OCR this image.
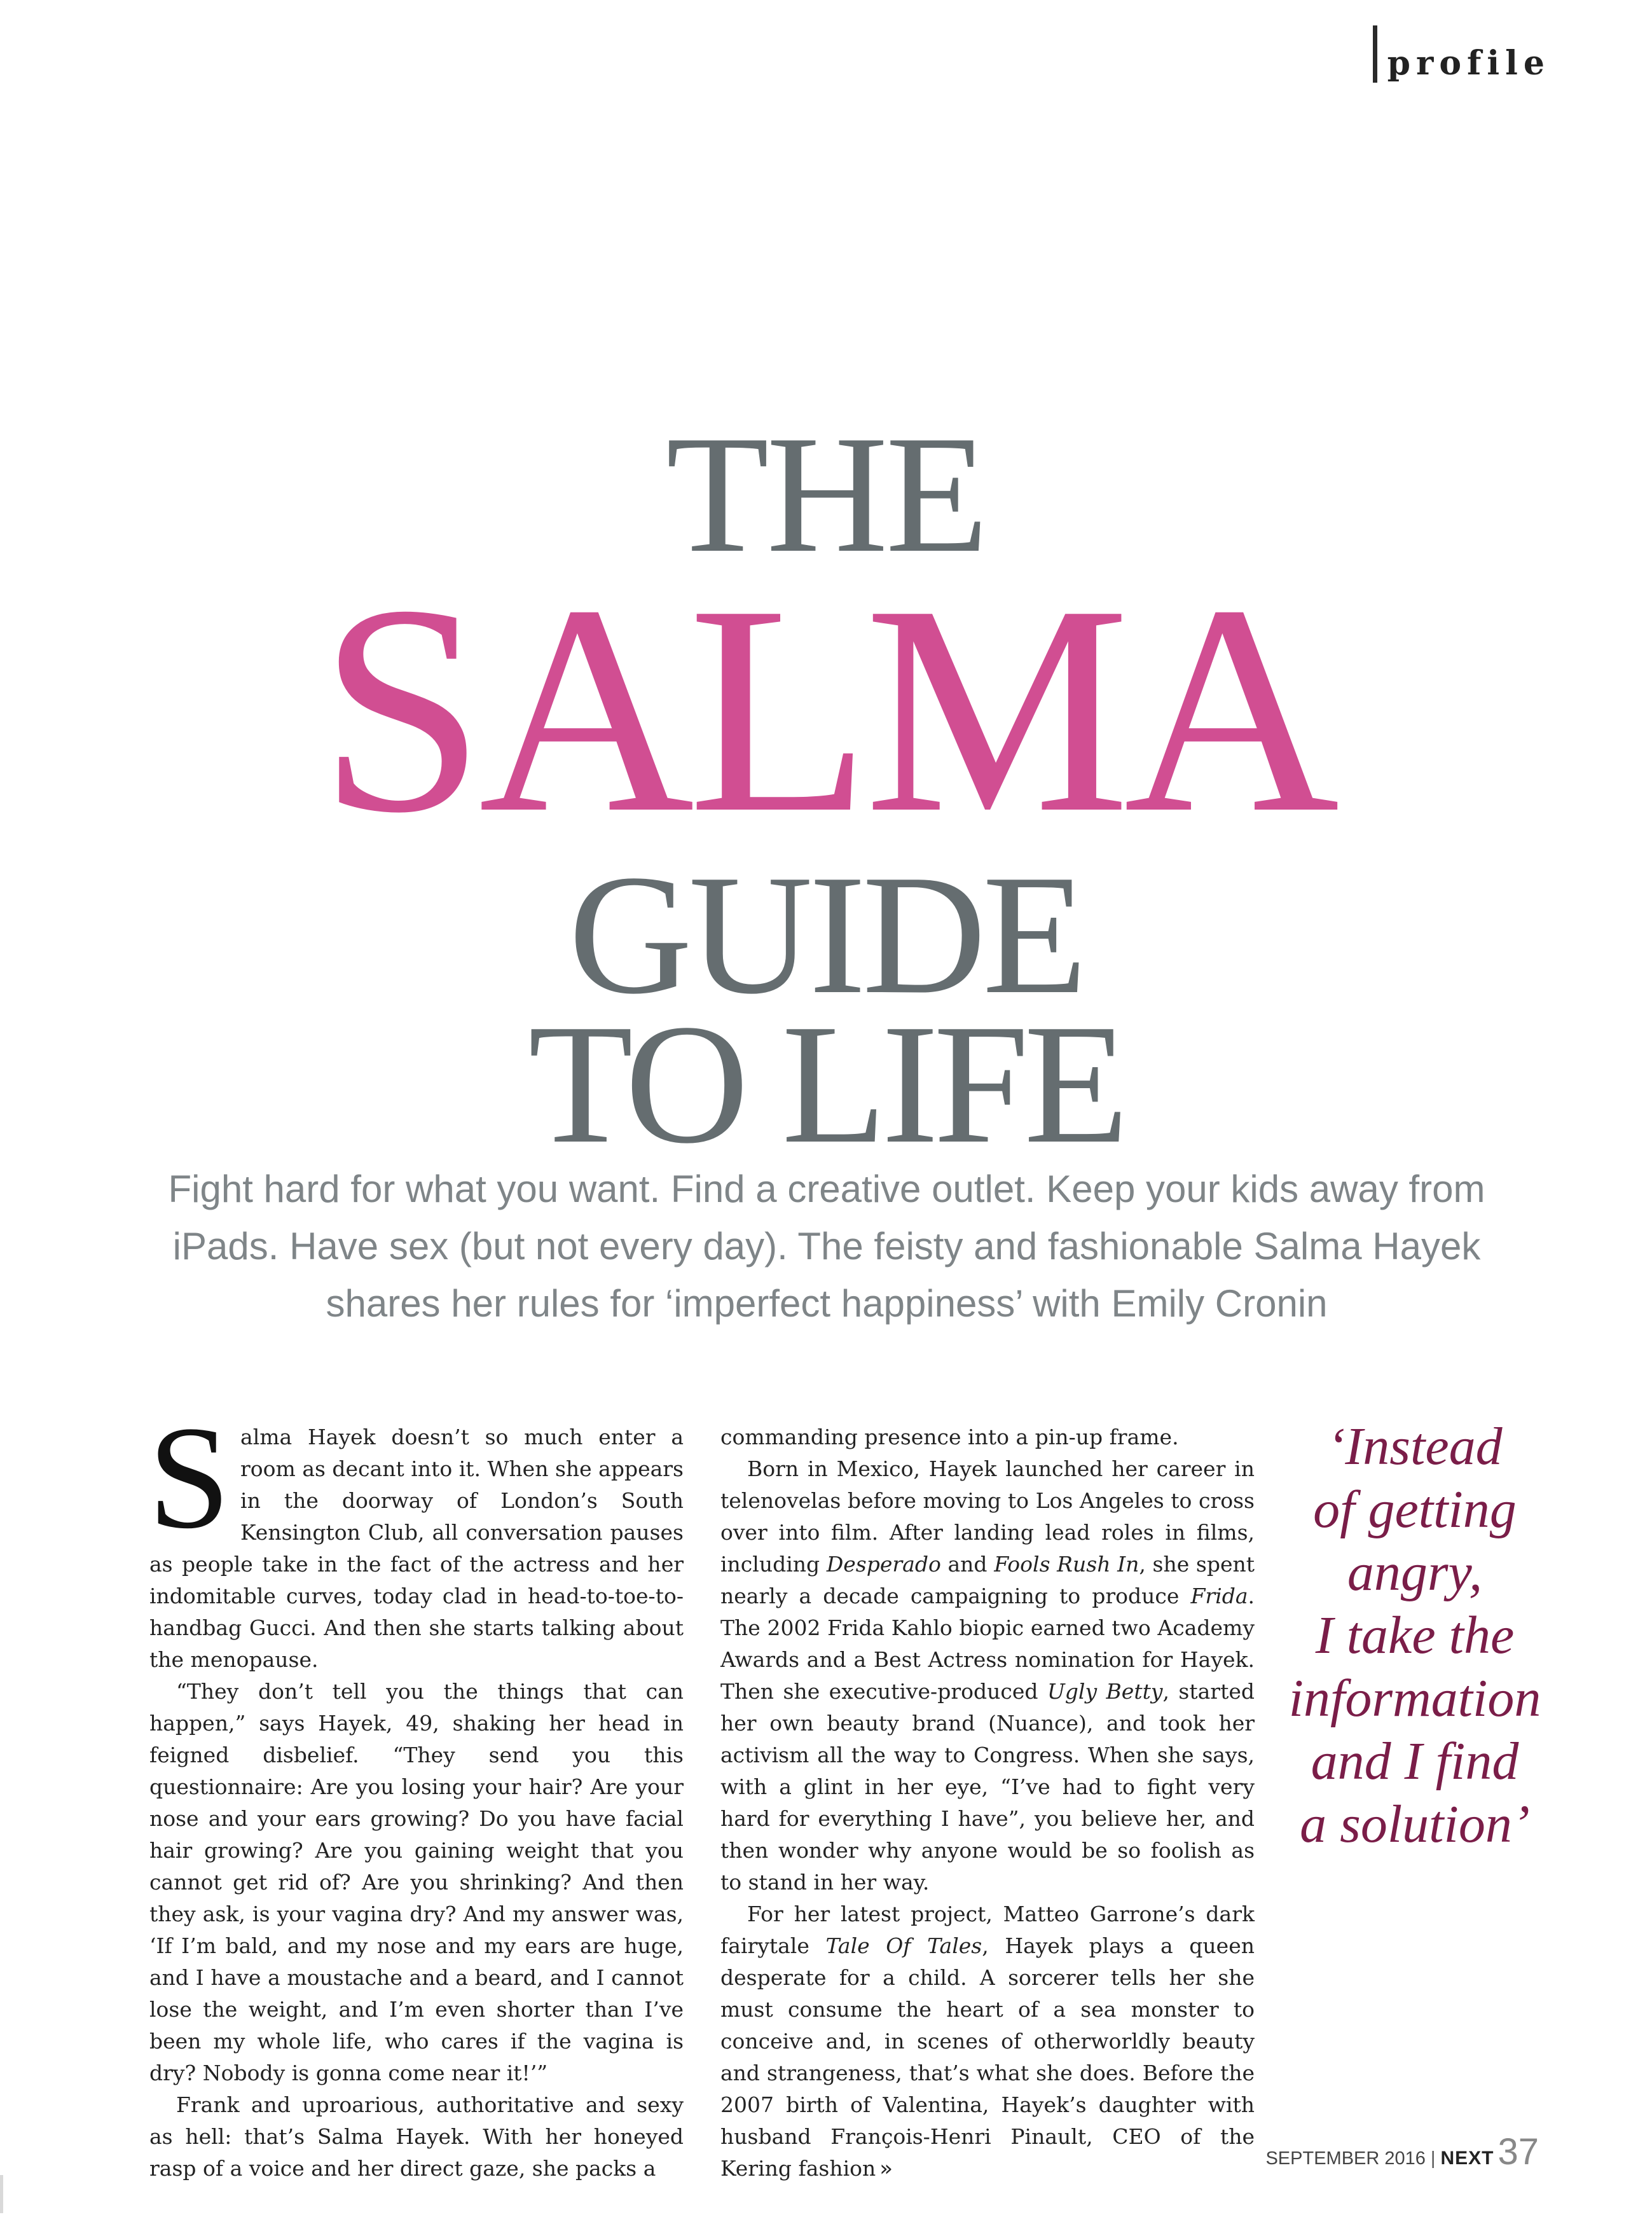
profile
THE
SALMA
GUIDE
TO LIFE

Fight hard for what you want. Find a creative outlet. Keep your kids away from
iPads. Have sex (but not every day). The feisty and fashionable Salma Hayek
shares her rules for ‘imperfect happiness’ with Emily Cronin

Salma Hayek doesn’t so much enter a room as decant into it. When she appears in the doorway of London’s South Kensington Club, all conversation pauses as people take in the fact of the actress and her indomitable curves, today clad in head-to-toe-to-handbag Gucci. And then she starts talking about the menopause.

“They don’t tell you the things that can happen,” says Hayek, 49, shaking her head in feigned disbelief. “They send you this questionnaire: Are you losing your hair? Are your nose and your ears growing? Do you have facial hair growing? Are you gaining weight that you cannot get rid of? Are you shrinking? And then they ask, is your vagina dry? And my answer was, ‘If I’m bald, and my nose and my ears are huge, and I have a moustache and a beard, and I cannot lose the weight, and I’m even shorter than I’ve been my whole life, who cares if the vagina is dry? Nobody is gonna come near it!’”

Frank and uproarious, authoritative and sexy as hell: that’s Salma Hayek. With her honeyed rasp of a voice and her direct gaze, she packs a

commanding presence into a pin-up frame.

Born in Mexico, Hayek launched her career in telenovelas before moving to Los Angeles to cross over into film. After landing lead roles in films, including Desperado and Fools Rush In, she spent nearly a decade campaigning to produce Frida. The 2002 Frida Kahlo biopic earned two Academy Awards and a Best Actress nomination for Hayek. Then she executive-produced Ugly Betty, started her own beauty brand (Nuance), and took her activism all the way to Congress. When she says, with a glint in her eye, “I’ve had to fight very hard for everything I have”, you believe her, and then wonder why anyone would be so foolish as to stand in her way.

For her latest project, Matteo Garrone’s dark fairytale Tale Of Tales, Hayek plays a queen desperate for a child. A sorcerer tells her she must consume the heart of a sea monster to conceive and, in scenes of otherworldly beauty and strangeness, that’s what she does. Before the 2007 birth of Valentina, Hayek’s daughter with husband François-Henri Pinault, CEO of the Kering fashion »

‘Instead
of getting
angry,
I take the
information
and I find
a solution’
SEPTEMBER 2016 | NEXT 37
